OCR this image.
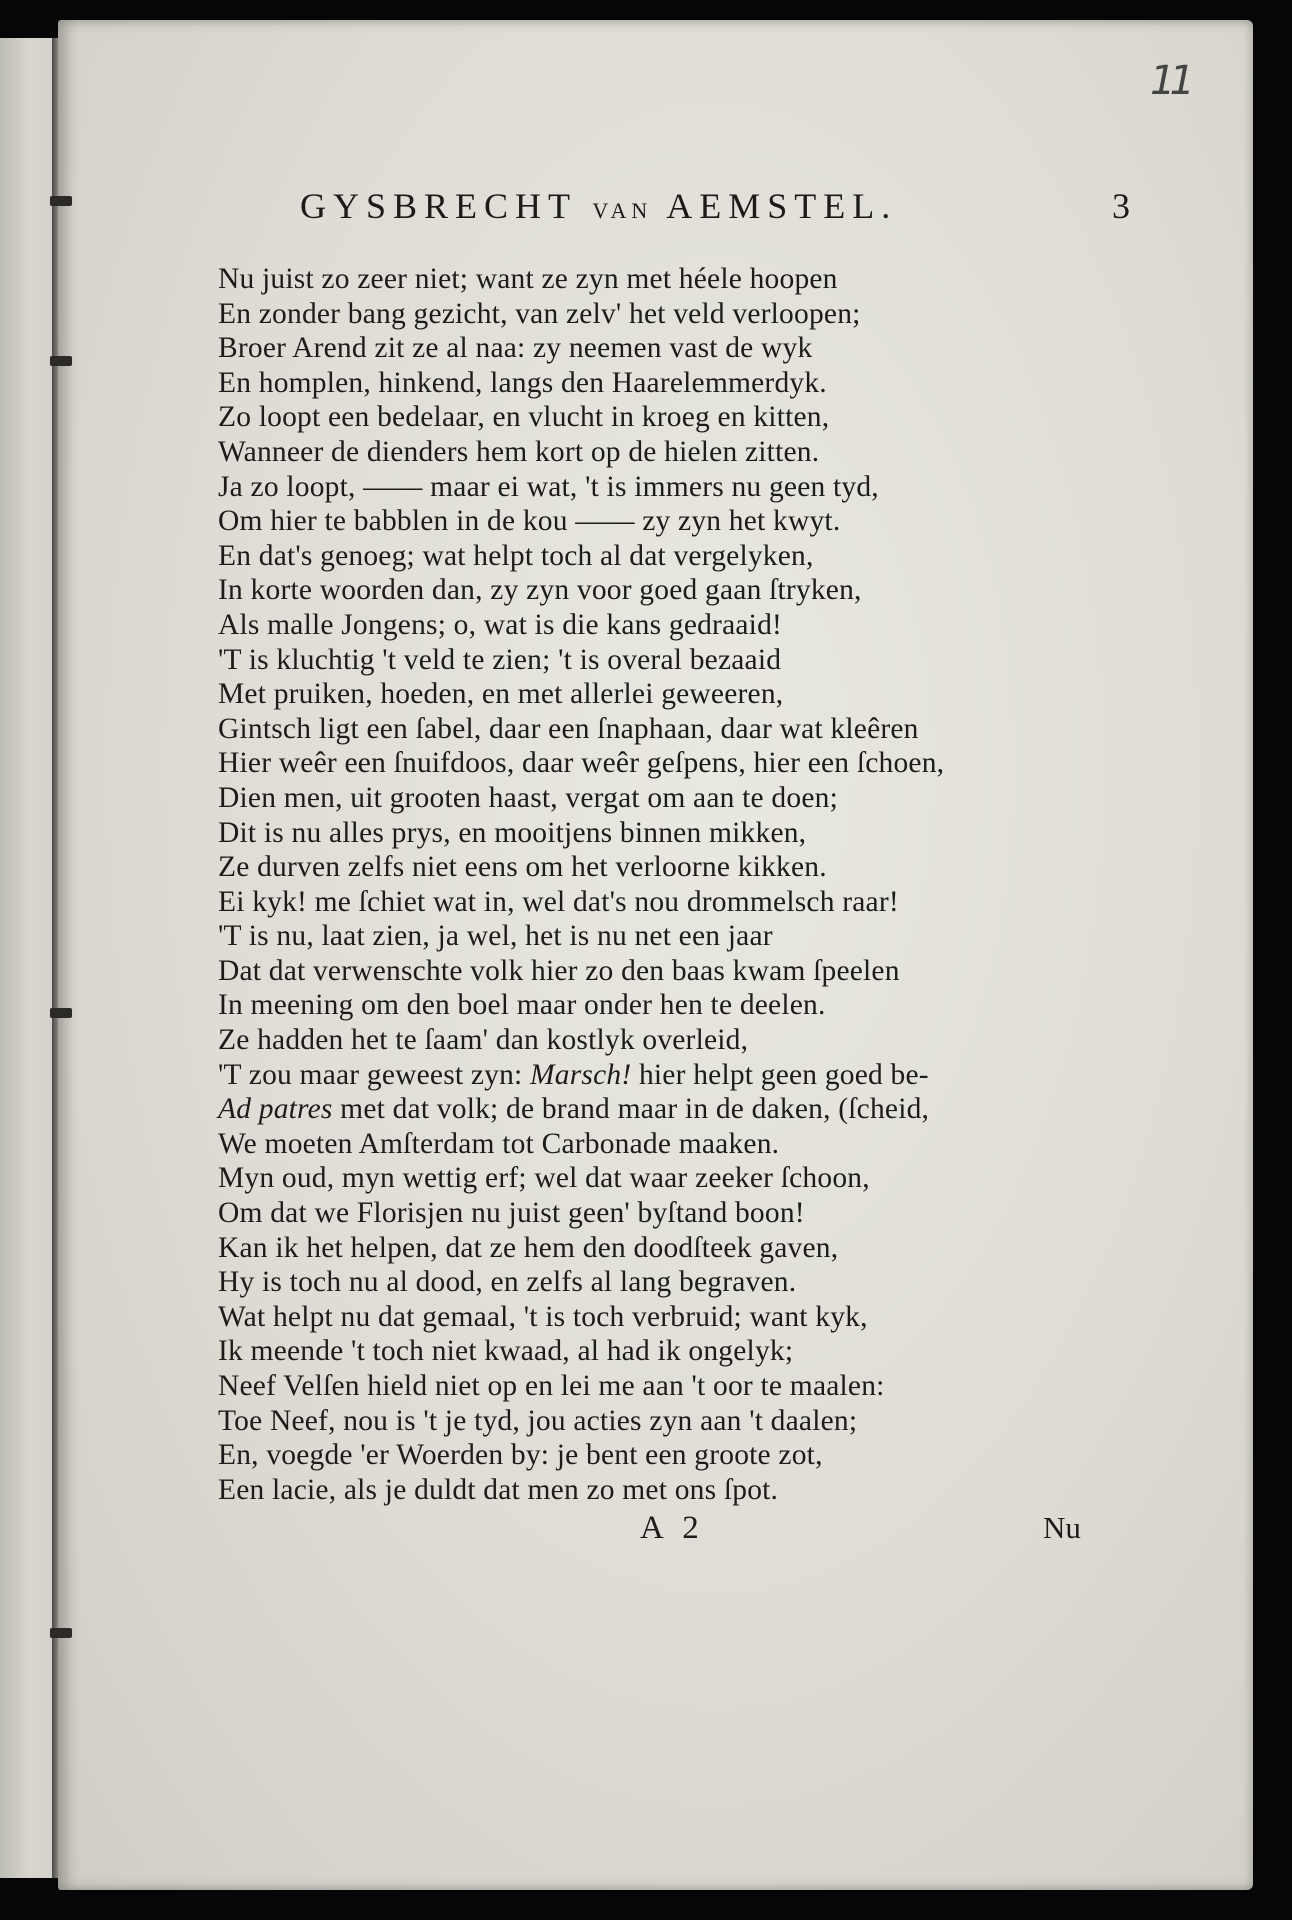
11
GYSBRECHT VAN AEMSTEL.	3
Nu juist zo zeer niet; want ze zyn met héele hoopen
En zonder bang gezicht, van zelv' het veld verloopen;
Broer Arend zit ze al naa: zy neemen vast de wyk
En homplen, hinkend, langs den Haarelemmerdyk.
Zo loopt een bedelaar, en vlucht in kroeg en kitten,
Wanneer de dienders hem kort op de hielen zitten.
Ja zo loopt, —— maar ei wat, 't is immers nu geen tyd,
Om hier te babblen in de kou —— zy zyn het kwyt.
En dat's genoeg; wat helpt toch al dat vergelyken,
In korte woorden dan, zy zyn voor goed gaan ſtryken,
Als malle Jongens; o, wat is die kans gedraaid!
'T is kluchtig 't veld te zien; 't is overal bezaaid
Met pruiken, hoeden, en met allerlei geweeren,
Gintsch ligt een ſabel, daar een ſnaphaan, daar wat kleêren
Hier weêr een ſnuifdoos, daar weêr geſpens, hier een ſchoen,
Dien men, uit grooten haast, vergat om aan te doen;
Dit is nu alles prys, en mooitjens binnen mikken,
Ze durven zelfs niet eens om het verloorne kikken.
Ei kyk! me ſchiet wat in, wel dat's nou drommelsch raar!
'T is nu, laat zien, ja wel, het is nu net een jaar
Dat dat verwenschte volk hier zo den baas kwam ſpeelen
In meening om den boel maar onder hen te deelen.
Ze hadden het te ſaam' dan kostlyk overleid,
'T zou maar geweest zyn: Marsch! hier helpt geen goed be-
Ad patres met dat volk; de brand maar in de daken, (ſcheid,
We moeten Amſterdam tot Carbonade maaken.
Myn oud, myn wettig erf; wel dat waar zeeker ſchoon,
Om dat we Florisjen nu juist geen' byſtand boon!
Kan ik het helpen, dat ze hem den doodſteek gaven,
Hy is toch nu al dood, en zelfs al lang begraven.
Wat helpt nu dat gemaal, 't is toch verbruid; want kyk,
Ik meende 't toch niet kwaad, al had ik ongelyk;
Neef Velſen hield niet op en lei me aan 't oor te maalen:
Toe Neef, nou is 't je tyd, jou acties zyn aan 't daalen;
En, voegde 'er Woerden by: je bent een groote zot,
Een lacie, als je duldt dat men zo met ons ſpot.
A 2	Nu
